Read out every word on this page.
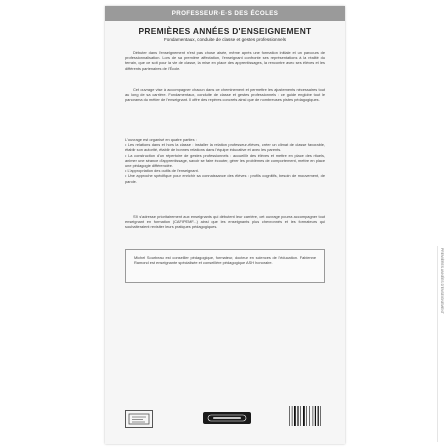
PROFESSEUR·E·S DES ÉCOLES
PREMIÈRES ANNÉES D'ENSEIGNEMENT
Fondamentaux, conduite de classe et gestes professionnels

Débuter dans l'enseignement n'est pas chose aisée, même après une formation initiale et un parcours de professionnalisation. Lors de sa première affectation, l'enseignant confronte ses représentations à la réalité du terrain, que ce soit pour la vie de classe, la mise en place des apprentissages, la rencontre avec ses élèves et les différents partenaires de l'École.

Cet ouvrage vise à accompagner chacun dans ce cheminement et permettre les ajustements nécessaires tout au long de sa carrière. Fondamentaux, conduite de classe et gestes professionnels : ce guide englobe tout le panorama du métier de l'enseignant. Il offre des repères concrets ainsi que de nombreuses pistes pédagogiques.

L'ouvrage est organisé en quatre parties :

• Les relations dans et hors la classe : installer la relation professeur-élèves, créer un climat de classe favorable, établir son autorité, établir de bonnes relations dans l'équipe éducative et avec les parents.

• La construction d'un répertoire de gestes professionnels : accueillir des élèves et mettre en place des rituels, animer une séance d'apprentissage, savoir se faire écouter, gérer les problèmes de comportement, mettre en place une pédagogie différenciée.

• L'appropriation des outils de l'enseignant.

• Une approche spécifique pour enrichir sa connaissance des élèves : profils cognitifs, besoin de mouvement, de parole.

S'il s'adresse prioritairement aux enseignants qui débutent leur carrière, cet ouvrage pourra accompagner tout enseignant en formation (CAFIPEMF...) ainsi que les enseignants plus chevronnés et les formateurs qui souhaiteraient revisiter leurs pratiques pédagogiques.

Michel Sourbeau est conseiller pédagogique, formateur, docteur en sciences de l'éducation. Fabienne Ramond est enseignante spécialisée et conseillère pédagogique ASH honoraire.	PREMIÈRES ANNÉES D'ENSEIGNEMENT
